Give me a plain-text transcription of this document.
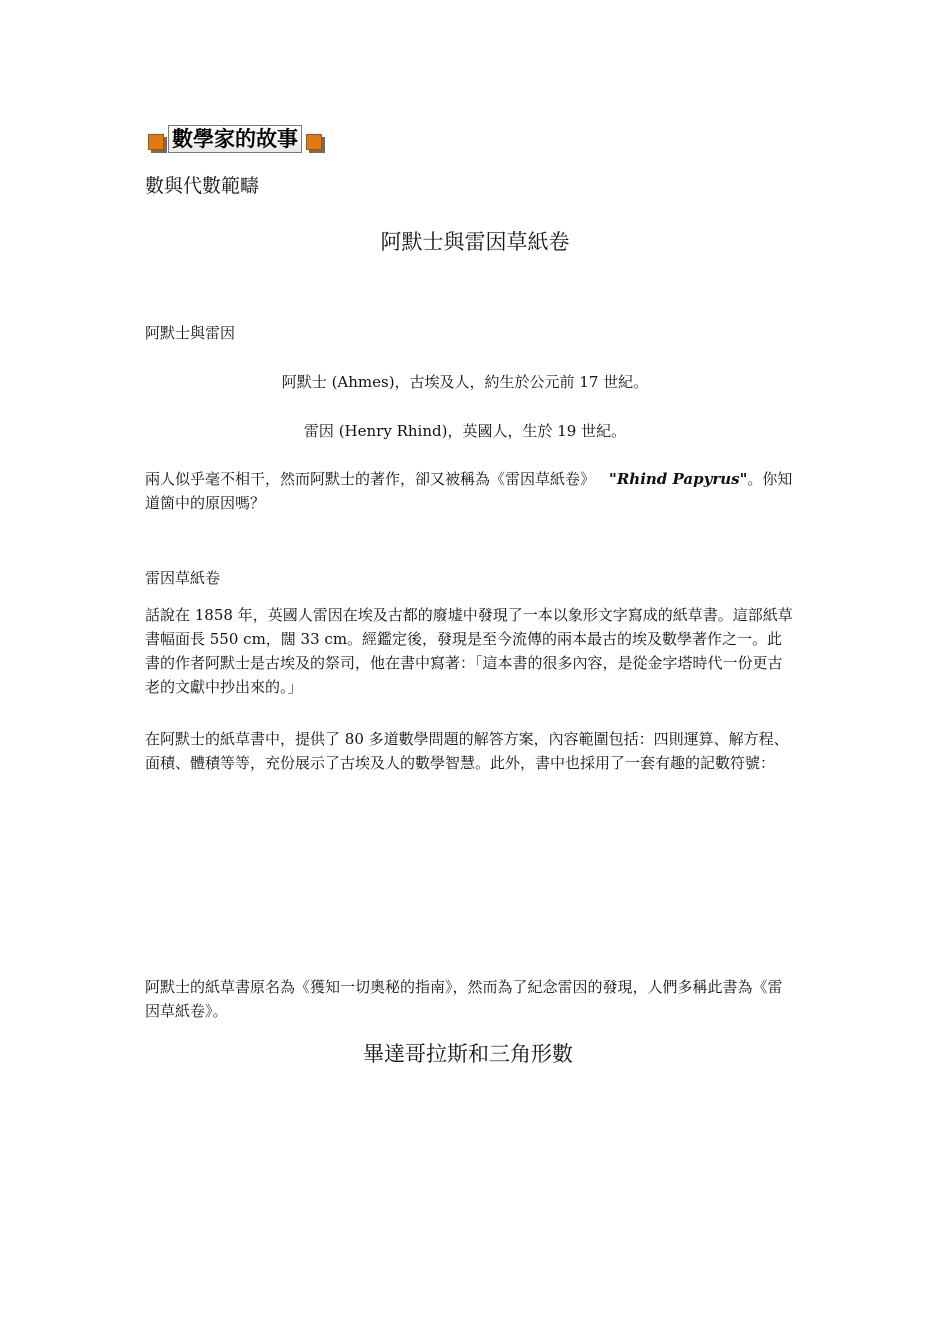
數學家的故事
數與代數範疇
阿默士與雷因草紙卷
阿默士與雷因
阿默士 (Ahmes)，古埃及人，約生於公元前 17 世紀。
雷因 (Henry Rhind)，英國人，生於 19 世紀。
兩人似乎毫不相干，然而阿默士的著作，卻又被稱為《雷因草紙卷》 "Rhind Papyrus"。你知道箇中的原因嗎？
雷因草紙卷
話說在 1858 年，英國人雷因在埃及古都的廢墟中發現了一本以象形文字寫成的紙草書。這部紙草書幅面長 550 cm，闊 33 cm。經鑑定後，發現是至今流傳的兩本最古的埃及數學著作之一。此書的作者阿默士是古埃及的祭司，他在書中寫著：「這本書的很多內容，是從金字塔時代一份更古老的文獻中抄出來的。」
在阿默士的紙草書中，提供了 80 多道數學問題的解答方案，內容範圍包括：四則運算、解方程、面積、體積等等，充份展示了古埃及人的數學智慧。此外，書中也採用了一套有趣的記數符號：
阿默士的紙草書原名為《獲知一切奧秘的指南》，然而為了紀念雷因的發現，人們多稱此書為《雷因草紙卷》。
畢達哥拉斯和三角形數
